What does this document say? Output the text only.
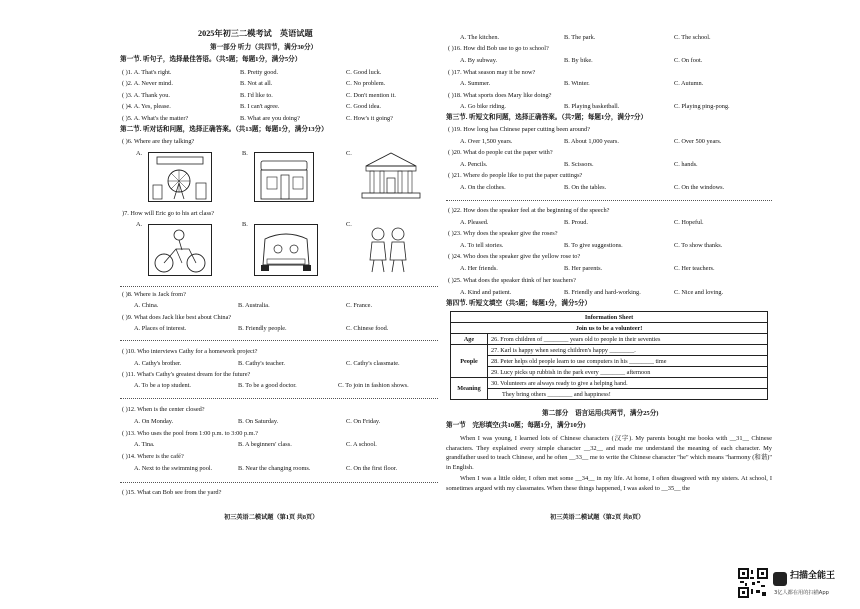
2025年初三二模考试　英语试题
第一部分 听力（共四节，满分30分）
第一节. 听句子，选择最佳答语。（共5题；每题1分，满分5分）
( )1. A. That's right.	B. Pretty good.	C. Good luck.
( )2. A. Never mind.	B. Not at all.	C. No problem.
( )3. A. Thank you.	B. I'd like to.	C. Don't mention it.
( )4. A. Yes, please.	B. I can't agree.	C. Good idea.
( )5. A. What's the matter?	B. What are you doing?	C. How's it going?
第二节. 听对话和问题，选择正确答案。（共13题；每题1分，满分13分）
( )6. Where are they talking?
A.	B.	C.
)7. How will Eric go to his art class?
A.	B.	C.
( )8. Where is Jack from?
A. China.	B. Australia.	C. France.
( )9. What does Jack like best about China?
A. Places of interest.	B. Friendly people.	C. Chinese food.
( )10. Who interviews Cathy for a homework project?
A. Cathy's brother.	B. Cathy's teacher.	C. Cathy's classmate.
( )11. What's Cathy's greatest dream for the future?
A. To be a top student.	B. To be a good doctor.	C. To join in fashion shows.
( )12. When is the center closed?
A. On Monday.	B. On Saturday.	C. On Friday.
( )13. Who uses the pool from 1:00 p.m. to 3:00 p.m.?
A. Tina.	B. A beginners' class.	C. A school.
( )14. Where is the café?
A. Next to the swimming pool.	B. Near the changing rooms.	C. On the first floor.
( )15. What can Bob see from the yard?
初三英语二模试题（第1页 共8页）
A. The kitchen.	B. The park.	C. The school.
( )16. How did Bob use to go to school?
A. By subway.	B. By bike.	C. On foot.
( )17. What season may it be now?
A. Summer.	B. Winter.	C. Autumn.
( )18. What sports does Mary like doing?
A. Go bike riding.	B. Playing basketball.	C. Playing ping-pong.
第三节. 听短文和问题，选择正确答案。（共7题；每题1分，满分7分）
( )19. How long has Chinese paper cutting been around?
A. Over 1,500 years.	B. About 1,000 years.	C. Over 500 years.
( )20. What do people cut the paper with?
A. Pencils.	B. Scissors.	C. hands.
( )21. Where do people like to put the paper cuttings?
A. On the clothes.	B. On the tables.	C. On the windows.
( )22. How does the speaker feel at the beginning of the speech?
A. Pleased.	B. Proud.	C. Hopeful.
( )23. Why does the speaker give the roses?
A. To tell stories.	B. To give suggestions.	C. To show thanks.
( )24. Who does the speaker give the yellow rose to?
A. Her friends.	B. Her parents.	C. Her teachers.
( )25. What does the speaker think of her teachers?
A. Kind and patient.	B. Friendly and hard-working.	C. Nice and loving.
第四节. 听短文填空（共5题；每题1分，满分5分）
Information Sheet	
Join us to be a volunteer!	
Age	26. From children of ________ years old to people in their seventies
People	27. Karl is happy when seeing children's happy ________.
	28. Peter helps old people learn to use computers in his ________ time
	29. Lucy picks up rubbish in the park every ________ afternoon
Meaning	30. Volunteers are always ready to give a helping hand.
	They bring others ________ and happiness!
第二部分　语言运用(共两节，满分25分)
第一节　完形填空(共10题；每题1分，满分10分)
When I was young, I learned lots of Chinese characters (汉字). My parents bought me books with __31__ Chinese characters. They explained every simple character __32__ and made me understand the meaning of each character. My grandfather used to teach Chinese, and he often __33__ me to write the Chinese character "he" which means "harmony (和谐)" in English.
When I was a little older, I often met some __34__ in my life. At home, I often disagreed with my sisters. At school, I sometimes argued with my classmates. When these things happened, I was asked to __35__ the
初三英语二模试题（第2页 共8页）
扫描全能王
3亿人都在用的扫描App
